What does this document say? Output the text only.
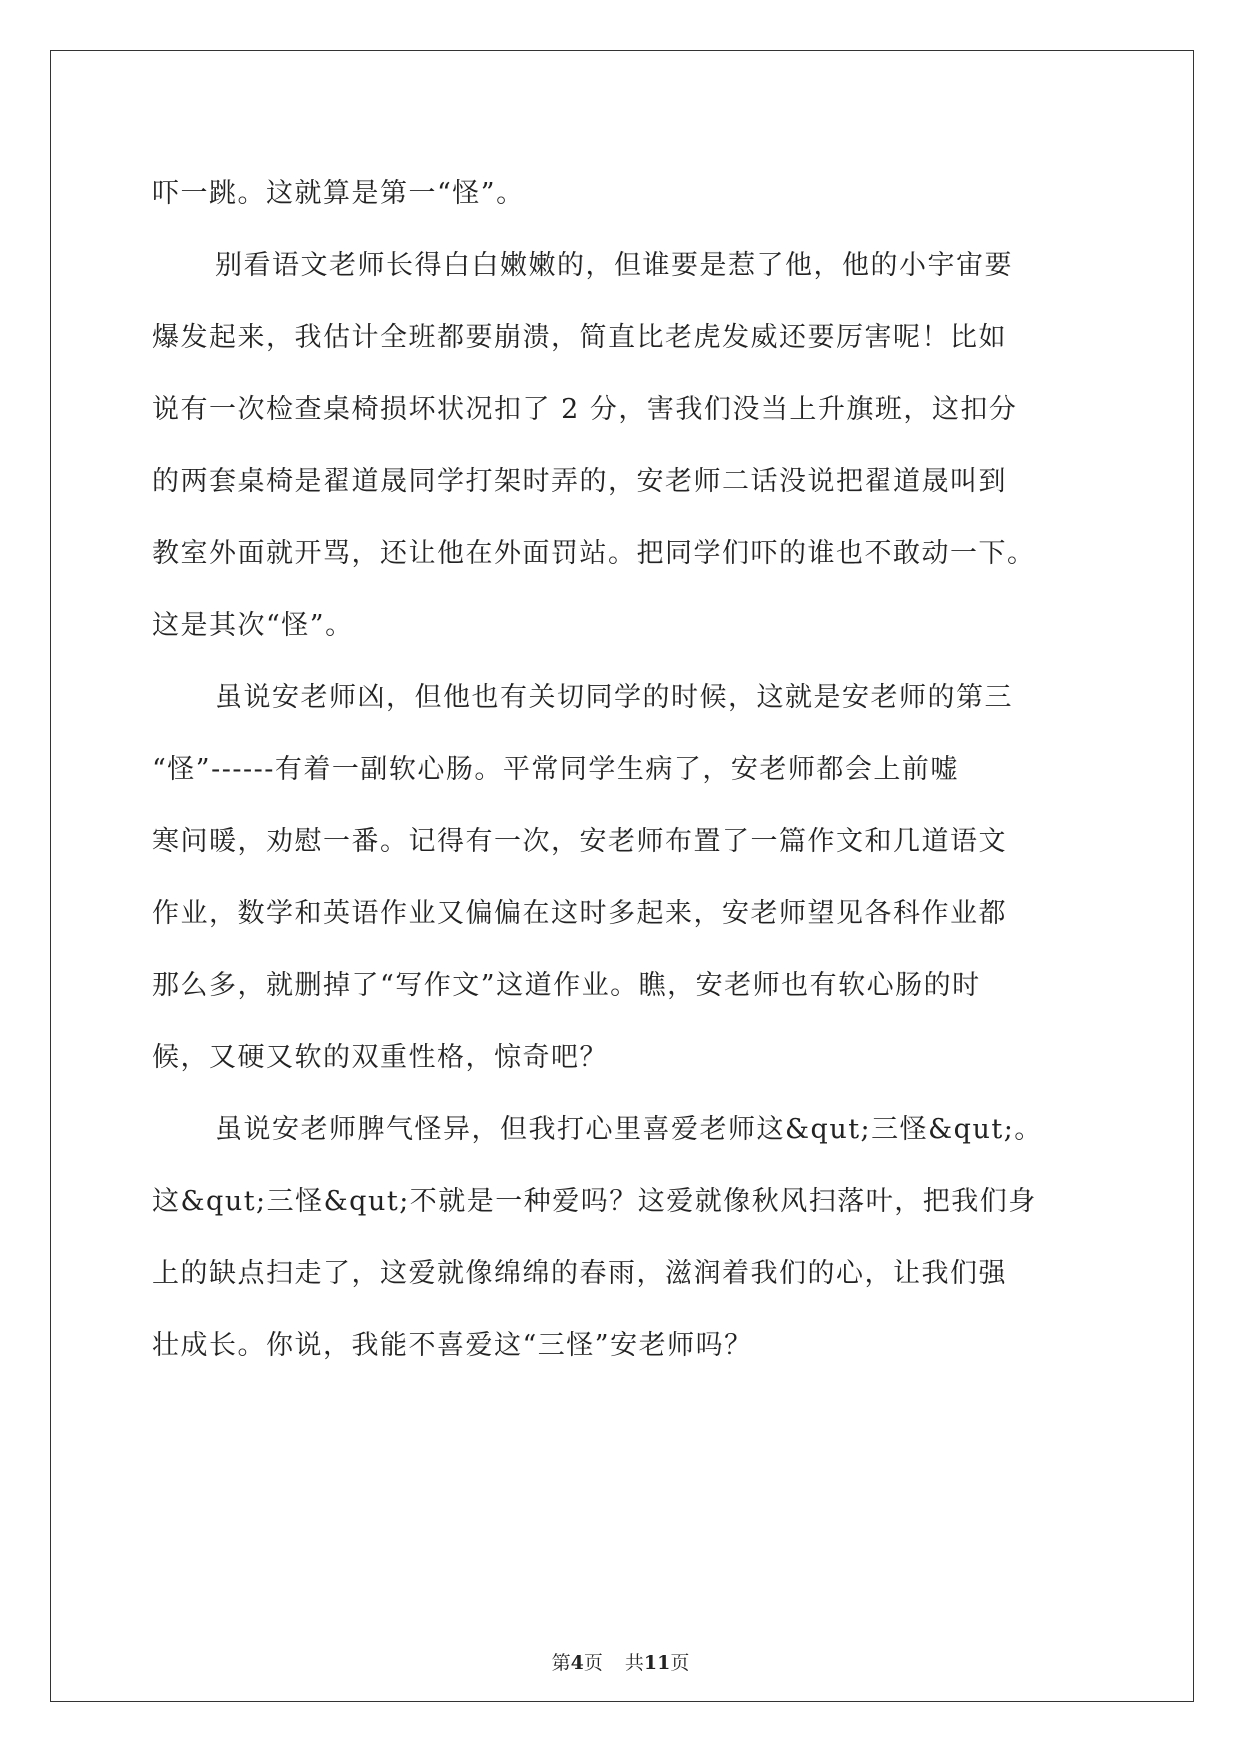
吓一跳。这就算是第一“怪”。
别看语文老师长得白白嫩嫩的，但谁要是惹了他，他的小宇宙要
爆发起来，我估计全班都要崩溃，简直比老虎发威还要厉害呢！比如
说有一次检查桌椅损坏状况扣了 2 分，害我们没当上升旗班，这扣分
的两套桌椅是翟道晟同学打架时弄的，安老师二话没说把翟道晟叫到
教室外面就开骂，还让他在外面罚站。把同学们吓的谁也不敢动一下。
这是其次“怪”。
虽说安老师凶，但他也有关切同学的时候，这就是安老师的第三
“怪”------有着一副软心肠。平常同学生病了，安老师都会上前嘘
寒问暖，劝慰一番。记得有一次，安老师布置了一篇作文和几道语文
作业，数学和英语作业又偏偏在这时多起来，安老师望见各科作业都
那么多，就删掉了“写作文”这道作业。瞧，安老师也有软心肠的时
候，又硬又软的双重性格，惊奇吧？
虽说安老师脾气怪异，但我打心里喜爱老师这&qut;三怪&qut;。
这&qut;三怪&qut;不就是一种爱吗？这爱就像秋风扫落叶，把我们身
上的缺点扫走了，这爱就像绵绵的春雨，滋润着我们的心，让我们强
壮成长。你说，我能不喜爱这“三怪”安老师吗？
第4页 共11页
